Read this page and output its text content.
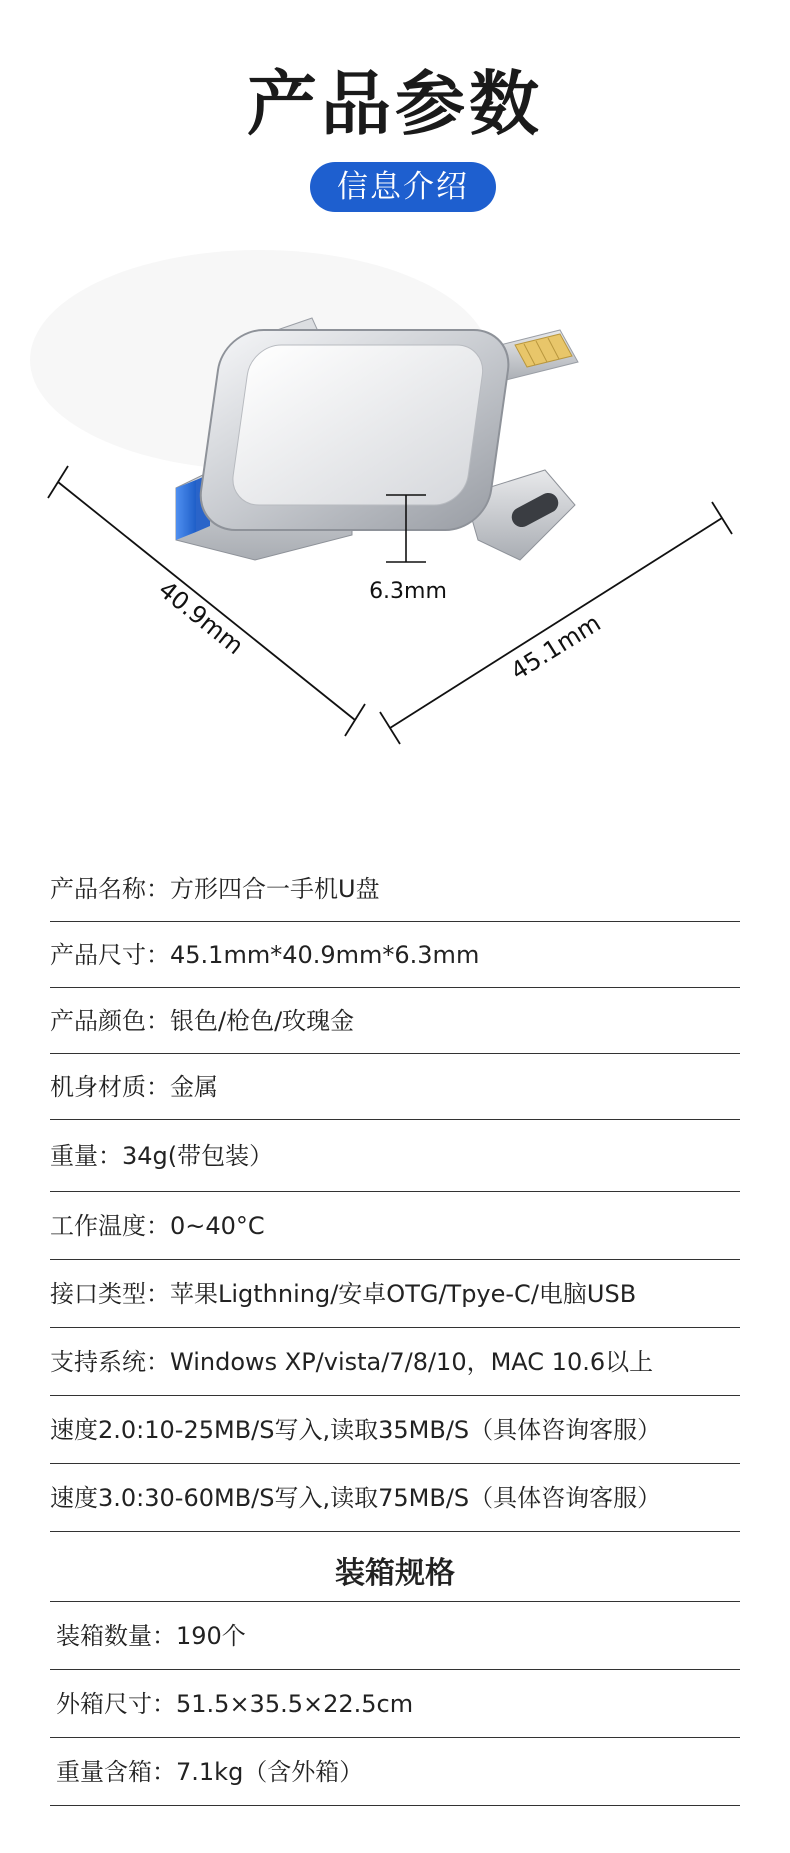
产品参数
信息介绍
6.3mm
40.9mm	45.1mm
产品名称：方形四合一手机U盘
产品尺寸：45.1mm*40.9mm*6.3mm
产品颜色：银色/枪色/玫瑰金
机身材质：金属
重量：34g(带包装）
工作温度：0~40°C
接口类型：苹果Ligthning/安卓OTG/Tpye-C/电脑USB
支持系统：Windows XP/vista/7/8/10，MAC 10.6以上
速度2.0:10-25MB/S写入,读取35MB/S（具体咨询客服）
速度3.0:30-60MB/S写入,读取75MB/S（具体咨询客服）
装箱规格
装箱数量：190个
外箱尺寸：51.5×35.5×22.5cm
重量含箱：7.1kg（含外箱）
